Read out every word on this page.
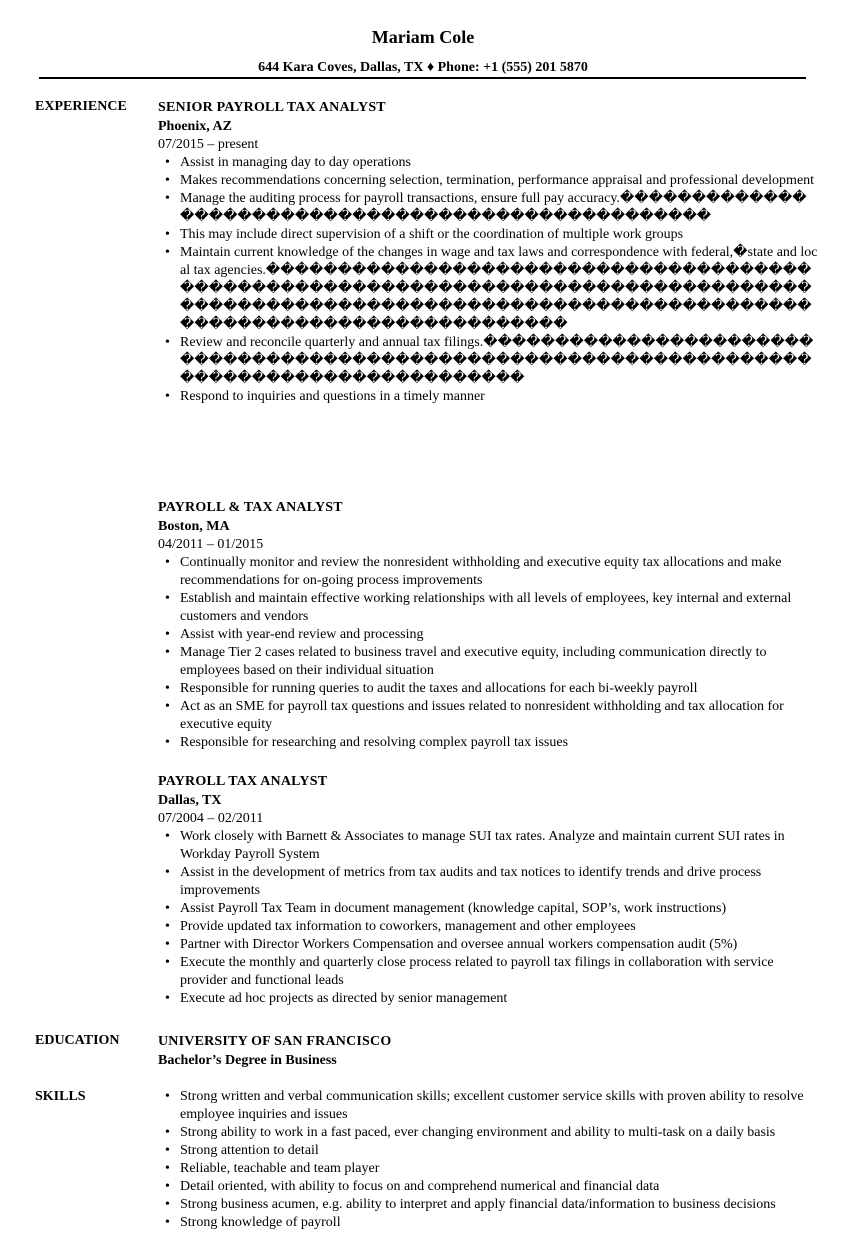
Mariam Cole
644 Kara Coves, Dallas, TX ♦ Phone: +1 (555) 201 5870
EXPERIENCE	SENIOR PAYROLL TAX ANALYST
Phoenix, AZ
07/2015 – present
• Assist in managing day to day operations
• Makes recommendations concerning selection, termination, performance appraisal and professional development
• Manage the auditing process for payroll transactions, ensure full pay accuracy.��������������������������������������������������
• This may include direct supervision of a shift or the coordination of multiple work groups
• Maintain current knowledge of the changes in wage and tax laws and correspondence with federal,�state and local tax agencies.���������������������������������������������������������������������������������������������������������������������������������������������������������
• Review and reconcile quarterly and annual tax filings.�������������������������������������������������������������������������������������������
• Respond to inquiries and questions in a timely manner
PAYROLL & TAX ANALYST
Boston, MA
04/2011 – 01/2015
• Continually monitor and review the nonresident withholding and executive equity tax allocations and make recommendations for on-going process improvements
• Establish and maintain effective working relationships with all levels of employees, key internal and external customers and vendors
• Assist with year-end review and processing
• Manage Tier 2 cases related to business travel and executive equity, including communication directly to employees based on their individual situation
• Responsible for running queries to audit the taxes and allocations for each bi-weekly payroll
• Act as an SME for payroll tax questions and issues related to nonresident withholding and tax allocation for executive equity
• Responsible for researching and resolving complex payroll tax issues
PAYROLL TAX ANALYST
Dallas, TX
07/2004 – 02/2011
• Work closely with Barnett & Associates to manage SUI tax rates. Analyze and maintain current SUI rates in Workday Payroll System
• Assist in the development of metrics from tax audits and tax notices to identify trends and drive process improvements
• Assist Payroll Tax Team in document management (knowledge capital, SOP’s, work instructions)
• Provide updated tax information to coworkers, management and other employees
• Partner with Director Workers Compensation and oversee annual workers compensation audit (5%)
• Execute the monthly and quarterly close process related to payroll tax filings in collaboration with service provider and functional leads
• Execute ad hoc projects as directed by senior management
EDUCATION	UNIVERSITY OF SAN FRANCISCO
Bachelor’s Degree in Business
SKILLS
•	Strong written and verbal communication skills; excellent customer service skills with proven ability to resolve employee inquiries and issues
• Strong ability to work in a fast paced, ever changing environment and ability to multi-task on a daily basis
• Strong attention to detail
• Reliable, teachable and team player
• Detail oriented, with ability to focus on and comprehend numerical and financial data
• Strong business acumen, e.g. ability to interpret and apply financial data/information to business decisions
• Strong knowledge of payroll
